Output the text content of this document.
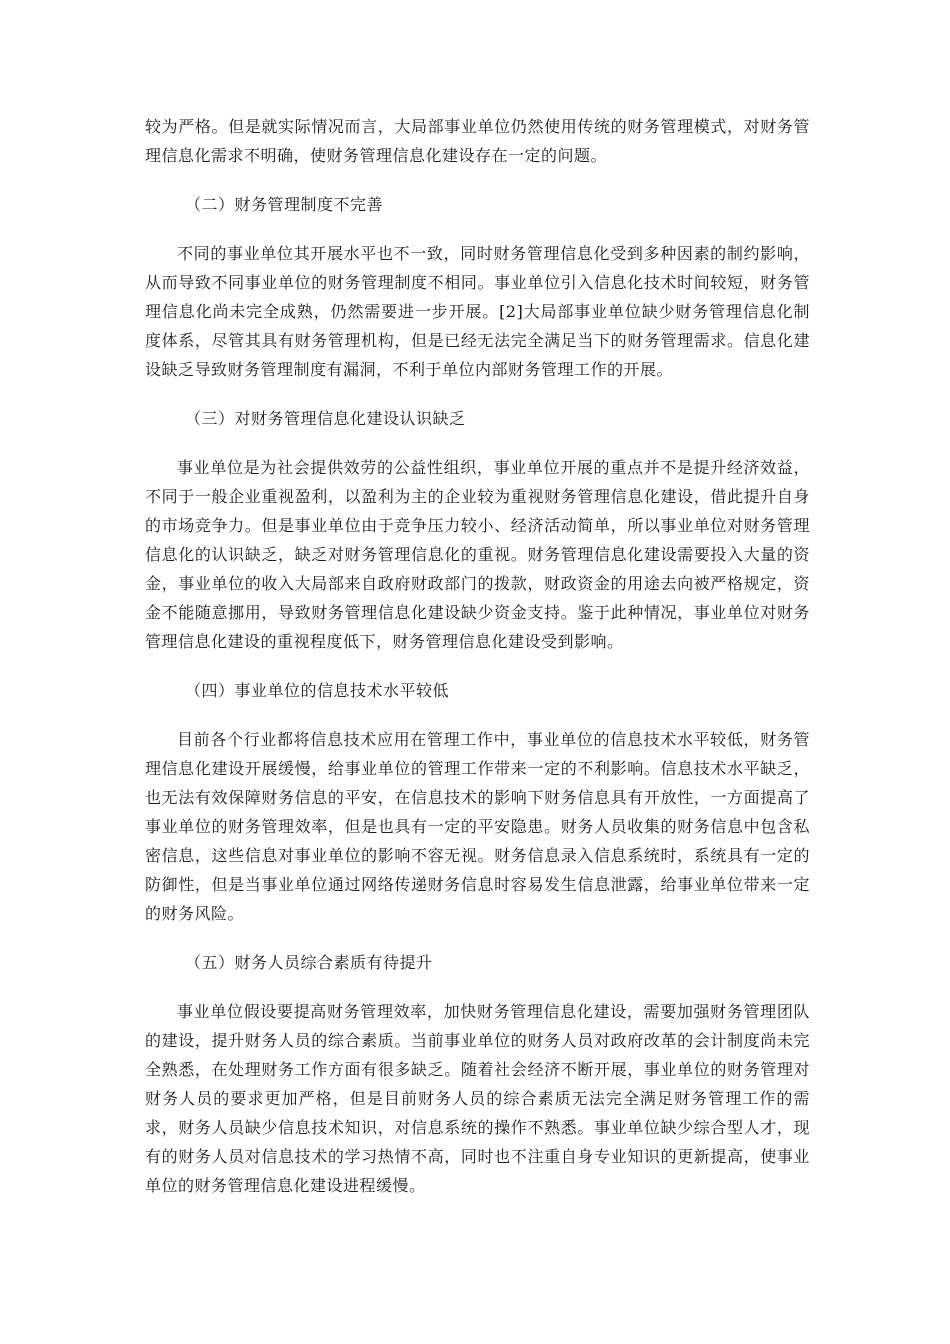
较为严格。但是就实际情况而言，大局部事业单位仍然使用传统的财务管理模式，对财务管理信息化需求不明确，使财务管理信息化建设存在一定的问题。

（二）财务管理制度不完善

不同的事业单位其开展水平也不一致，同时财务管理信息化受到多种因素的制约影响，从而导致不同事业单位的财务管理制度不相同。事业单位引入信息化技术时间较短，财务管理信息化尚未完全成熟，仍然需要进一步开展。[2]大局部事业单位缺少财务管理信息化制度体系，尽管其具有财务管理机构，但是已经无法完全满足当下的财务管理需求。信息化建设缺乏导致财务管理制度有漏洞，不利于单位内部财务管理工作的开展。

（三）对财务管理信息化建设认识缺乏

事业单位是为社会提供效劳的公益性组织，事业单位开展的重点并不是提升经济效益，不同于一般企业重视盈利，以盈利为主的企业较为重视财务管理信息化建设，借此提升自身的市场竞争力。但是事业单位由于竞争压力较小、经济活动简单，所以事业单位对财务管理信息化的认识缺乏，缺乏对财务管理信息化的重视。财务管理信息化建设需要投入大量的资金，事业单位的收入大局部来自政府财政部门的拨款，财政资金的用途去向被严格规定，资金不能随意挪用，导致财务管理信息化建设缺少资金支持。鉴于此种情况，事业单位对财务管理信息化建设的重视程度低下，财务管理信息化建设受到影响。

（四）事业单位的信息技术水平较低

目前各个行业都将信息技术应用在管理工作中，事业单位的信息技术水平较低，财务管理信息化建设开展缓慢，给事业单位的管理工作带来一定的不利影响。信息技术水平缺乏，也无法有效保障财务信息的平安，在信息技术的影响下财务信息具有开放性，一方面提高了事业单位的财务管理效率，但是也具有一定的平安隐患。财务人员收集的财务信息中包含私密信息，这些信息对事业单位的影响不容无视。财务信息录入信息系统时，系统具有一定的防御性，但是当事业单位通过网络传递财务信息时容易发生信息泄露，给事业单位带来一定的财务风险。

（五）财务人员综合素质有待提升

事业单位假设要提高财务管理效率，加快财务管理信息化建设，需要加强财务管理团队的建设，提升财务人员的综合素质。当前事业单位的财务人员对政府改革的会计制度尚未完全熟悉，在处理财务工作方面有很多缺乏。随着社会经济不断开展，事业单位的财务管理对财务人员的要求更加严格，但是目前财务人员的综合素质无法完全满足财务管理工作的需求，财务人员缺少信息技术知识，对信息系统的操作不熟悉。事业单位缺少综合型人才，现有的财务人员对信息技术的学习热情不高，同时也不注重自身专业知识的更新提高，使事业单位的财务管理信息化建设进程缓慢。
